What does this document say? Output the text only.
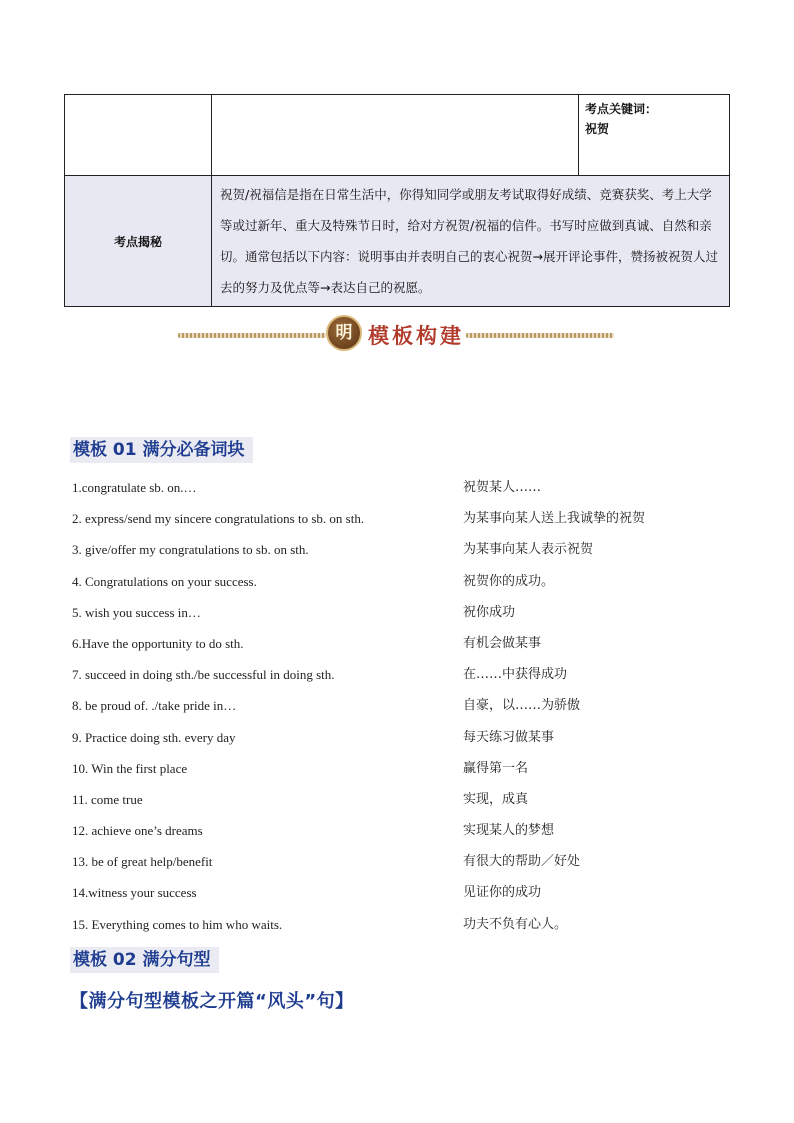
		考点关键词：
祝贺

考点揭秘	祝贺/祝福信是指在日常生活中，你得知同学或朋友考试取得好成绩、竞赛获奖、考上大学等或过新年、重大及特殊节日时，给对方祝贺/祝福的信件。书写时应做到真诚、自然和亲切。通常包括以下内容：说明事由并表明自己的衷心祝贺→展开评论事件，赞扬被祝贺人过去的努力及优点等→表达自己的祝愿。	
明 模板构建
模板 01 满分必备词块
1.congratulate sb. on.…	祝贺某人……
2. express/send my sincere congratulations to sb. on sth.	为某事向某人送上我诚挚的祝贺
3. give/offer my congratulations to sb. on sth.	为某事向某人表示祝贺
4. Congratulations on your success.	祝贺你的成功。
5. wish you success in…	祝你成功
6.Have the opportunity to do sth.	有机会做某事
7. succeed in doing sth./be successful in doing sth.	在……中获得成功
8. be proud of. ./take pride in…	自豪，以……为骄傲
9. Practice doing sth. every day	每天练习做某事
10. Win the first place	赢得第一名
11. come true	实现，成真
12. achieve one’s dreams	实现某人的梦想
13. be of great help/benefit	有很大的帮助／好处
14.witness your success	见证你的成功
15. Everything comes to him who waits.	功夫不负有心人。
模板 02 满分句型
【满分句型模板之开篇“风头”句】
